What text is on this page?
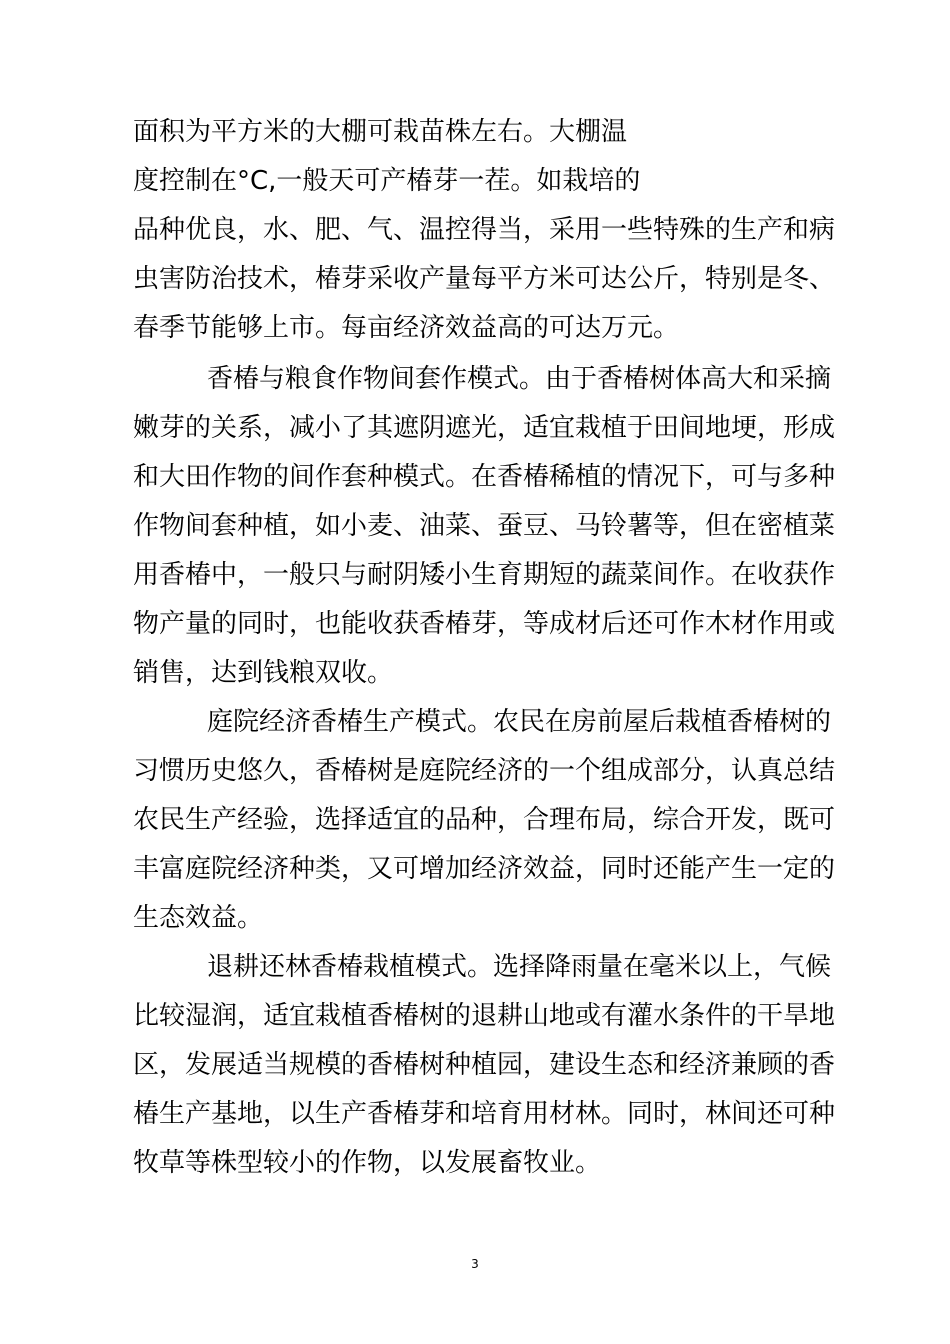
面积为平方米的大棚可栽苗株左右。大棚温
度控制在°C,一般天可产椿芽一茬。如栽培的
品种优良，水、肥、气、温控得当，采用一些特殊的生产和病
虫害防治技术，椿芽采收产量每平方米可达公斤，特别是冬、
春季节能够上市。每亩经济效益高的可达万元。
香椿与粮食作物间套作模式。由于香椿树体高大和采摘
嫩芽的关系，减小了其遮阴遮光，适宜栽植于田间地埂，形成
和大田作物的间作套种模式。在香椿稀植的情况下，可与多种
作物间套种植，如小麦、油菜、蚕豆、马铃薯等，但在密植菜
用香椿中，一般只与耐阴矮小生育期短的蔬菜间作。在收获作
物产量的同时，也能收获香椿芽，等成材后还可作木材作用或
销售，达到钱粮双收。
庭院经济香椿生产模式。农民在房前屋后栽植香椿树的
习惯历史悠久，香椿树是庭院经济的一个组成部分，认真总结
农民生产经验，选择适宜的品种，合理布局，综合开发，既可
丰富庭院经济种类，又可增加经济效益，同时还能产生一定的
生态效益。
退耕还林香椿栽植模式。选择降雨量在毫米以上，气候
比较湿润，适宜栽植香椿树的退耕山地或有灌水条件的干旱地
区，发展适当规模的香椿树种植园，建设生态和经济兼顾的香
椿生产基地，以生产香椿芽和培育用材林。同时，林间还可种
牧草等株型较小的作物，以发展畜牧业。
3
